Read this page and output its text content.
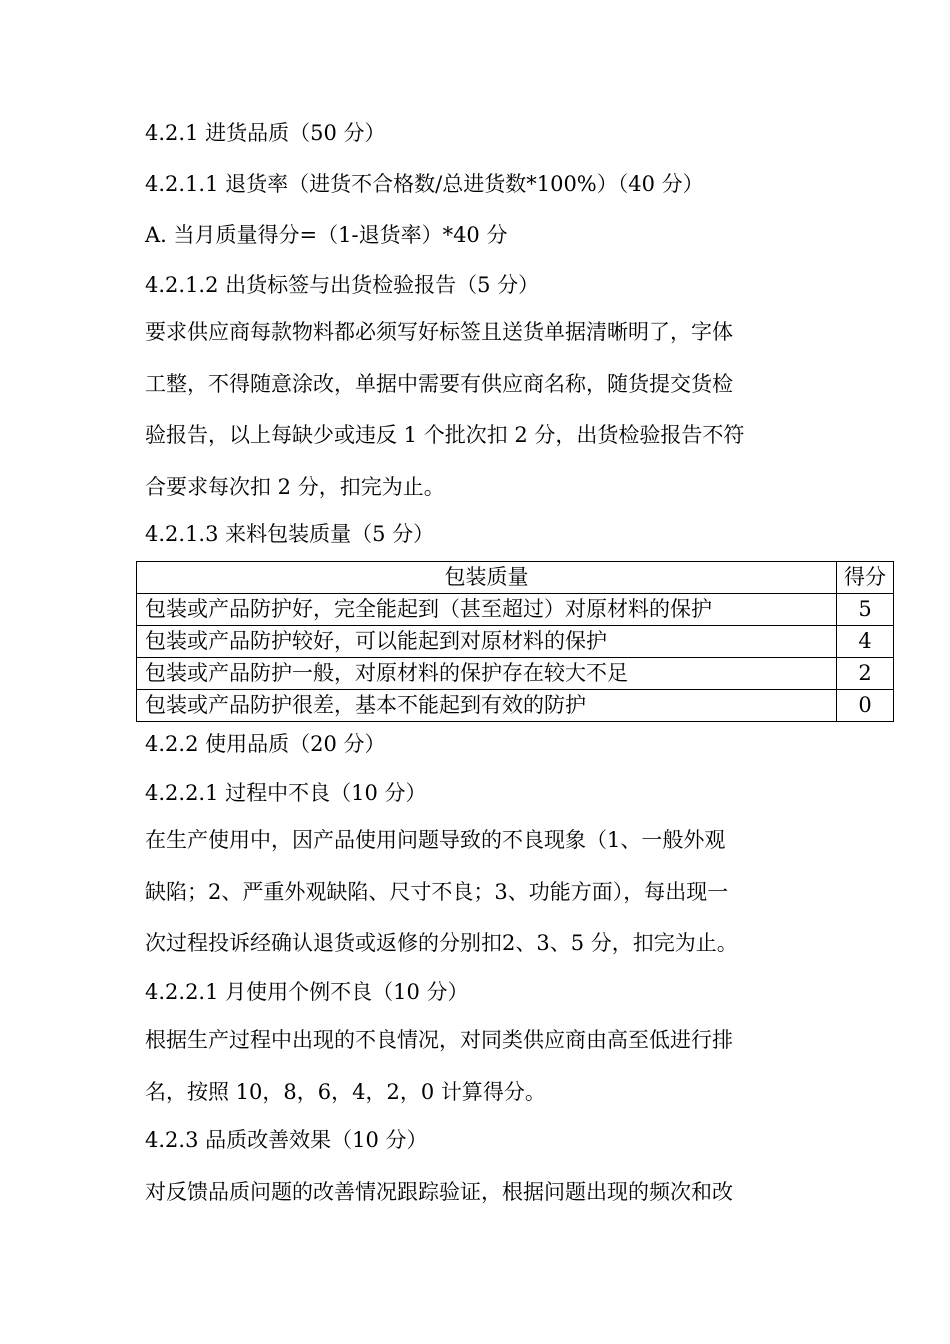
4.2.1 进货品质（50 分）
4.2.1.1 退货率（进货不合格数/总进货数*100%）（40 分）
A. 当月质量得分=（1-退货率）*40 分
4.2.1.2 出货标签与出货检验报告（5 分）
要求供应商每款物料都必须写好标签且送货单据清晰明了，字体
工整，不得随意涂改，单据中需要有供应商名称，随货提交货检
验报告，以上每缺少或违反 1 个批次扣 2 分，出货检验报告不符
合要求每次扣 2 分，扣完为止。
4.2.1.3 来料包装质量（5 分）
包装质量	得分
包装或产品防护好，完全能起到（甚至超过）对原材料的保护	5
包装或产品防护较好，可以能起到对原材料的保护	4
包装或产品防护一般，对原材料的保护存在较大不足	2
包装或产品防护很差，基本不能起到有效的防护	0
4.2.2 使用品质（20 分）
4.2.2.1 过程中不良（10 分）
在生产使用中，因产品使用问题导致的不良现象（1、一般外观
缺陷；2、严重外观缺陷、尺寸不良；3、功能方面），每出现一
次过程投诉经确认退货或返修的分别扣2、3、5 分，扣完为止。
4.2.2.1 月使用个例不良（10 分）
根据生产过程中出现的不良情况，对同类供应商由高至低进行排
名，按照 10，8，6，4，2，0 计算得分。
4.2.3 品质改善效果（10 分）
对反馈品质问题的改善情况跟踪验证，根据问题出现的频次和改
